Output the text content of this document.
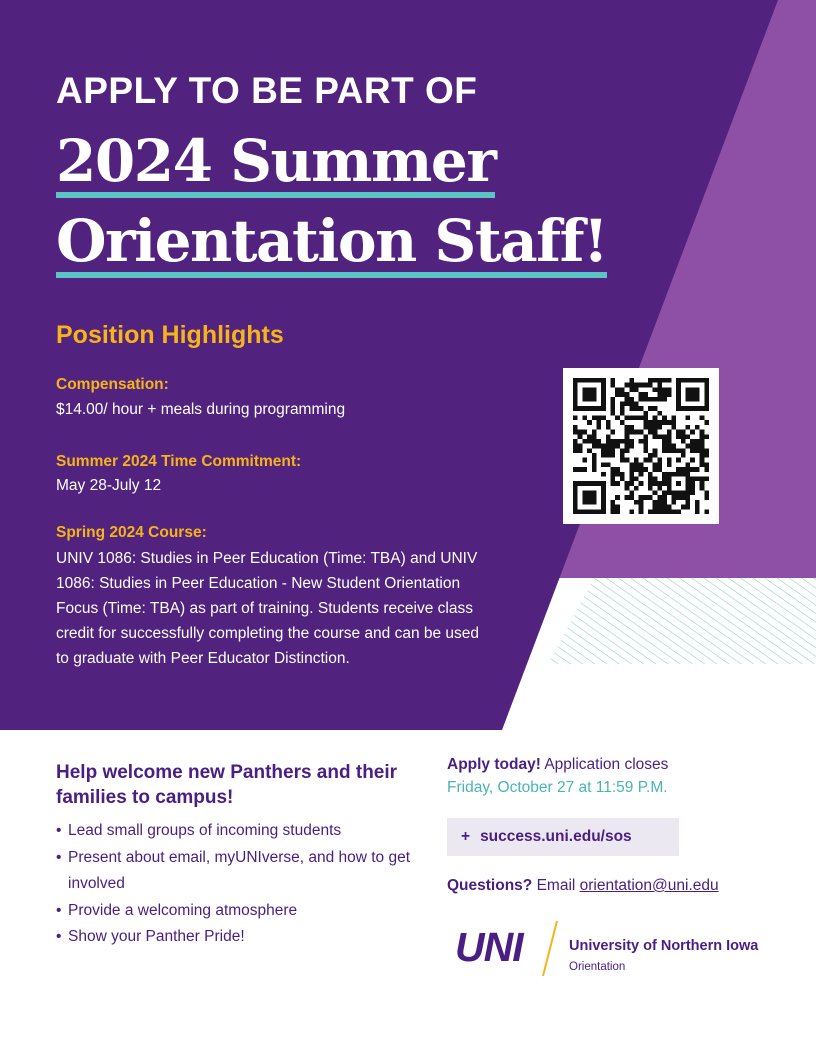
APPLY TO BE PART OF
2024 Summer
Orientation Staff!
Position Highlights
Compensation:
$14.00/ hour + meals during programming
Summer 2024 Time Commitment:
May 28-July 12
Spring 2024 Course:
UNIV 1086: Studies in Peer Education (Time: TBA) and UNIV 1086: Studies in Peer Education - New Student Orientation Focus (Time: TBA) as part of training. Students receive class credit for successfully completing the course and can be used to graduate with Peer Educator Distinction.
Help welcome new Panthers and their families to campus!
• Lead small groups of incoming students
• Present about email, myUNIverse, and how to get involved
• Provide a welcoming atmosphere
• Show your Panther Pride!
Apply today! Application closes
Friday, October 27 at 11:59 P.M.
+ success.uni.edu/sos
Questions? Email orientation@uni.edu
UNI	University of Northern Iowa
Orientation
